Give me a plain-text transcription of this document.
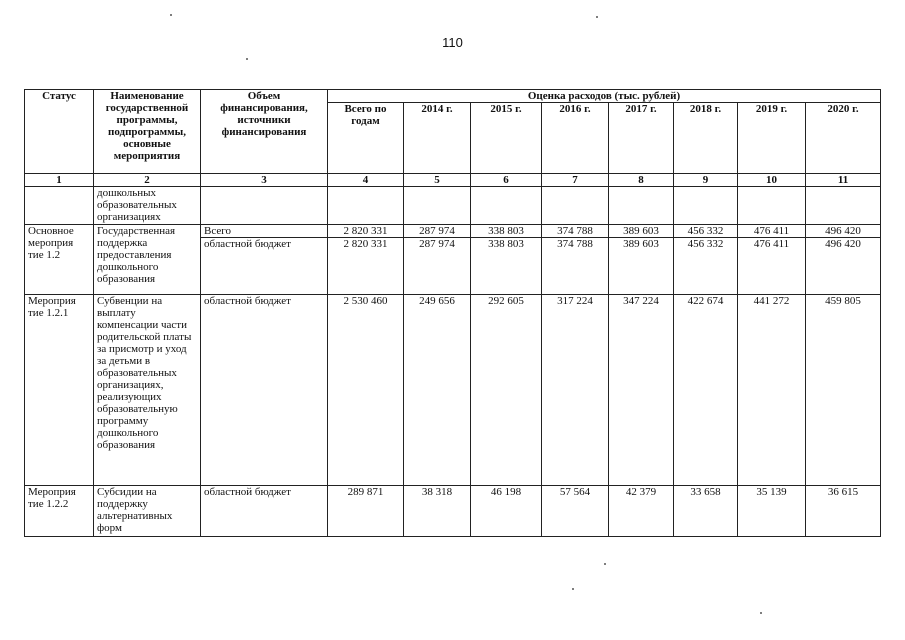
110
Статус	Наименование государственной программы, подпрограммы, основные мероприятия	Объем финансирования, источники финансирования	Оценка расходов (тыс. рублей)							
			Всего по годам	2014 г.	2015 г.	2016 г.	2017 г.	2018 г.	2019 г.	2020 г.
1	2	3	4	5	6	7	8	9	10	11
	дошкольных образовательных организациях									
Основное мероприя тие 1.2	Государственная поддержка предоставления дошкольного образования	Всего	2 820 331	287 974	338 803	374 788	389 603	456 332	476 411	496 420
		областной бюджет	2 820 331	287 974	338 803	374 788	389 603	456 332	476 411	496 420
Мероприя тие 1.2.1	Субвенции на выплату компенсации части родительской платы за присмотр и уход за детьми в образовательных организациях, реализующих образовательную программу дошкольного образования	областной бюджет	2 530 460	249 656	292 605	317 224	347 224	422 674	441 272	459 805
Мероприя тие 1.2.2	Субсидии на поддержку альтернативных форм	областной бюджет	289 871	38 318	46 198	57 564	42 379	33 658	35 139	36 615
